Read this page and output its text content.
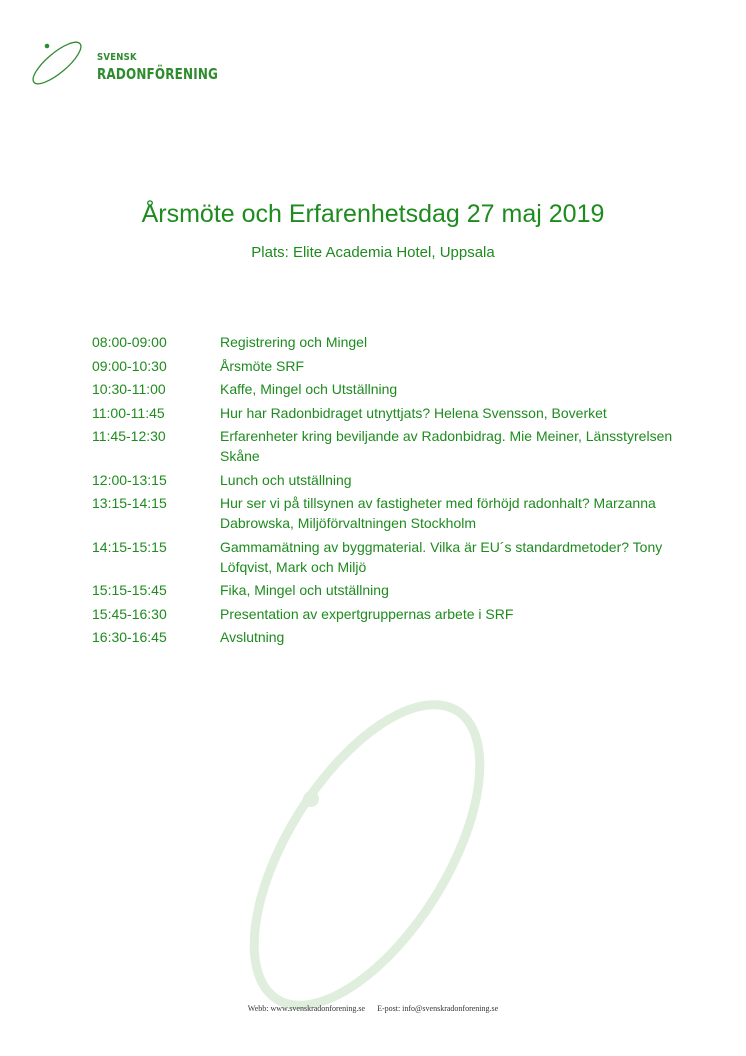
SVENSK
RADONFÖRENING
Årsmöte och Erfarenhetsdag 27 maj 2019
Plats: Elite Academia Hotel, Uppsala
08:00-09:00	Registrering och Mingel
09:00-10:30	Årsmöte SRF
10:30-11:00	Kaffe, Mingel och Utställning
11:00-11:45	Hur har Radonbidraget utnyttjats? Helena Svensson, Boverket
11:45-12:30	Erfarenheter kring beviljande av Radonbidrag. Mie Meiner, Länsstyrelsen Skåne
12:00-13:15	Lunch och utställning
13:15-14:15	Hur ser vi på tillsynen av fastigheter med förhöjd radonhalt? Marzanna Dabrowska, Miljöförvaltningen Stockholm
14:15-15:15	Gammamätning av byggmaterial. Vilka är EU´s standardmetoder? Tony Löfqvist, Mark och Miljö
15:15-15:45	Fika, Mingel och utställning
15:45-16:30	Presentation av expertgruppernas arbete i SRF
16:30-16:45	Avslutning
Webb: www.svenskradonforening.se E-post: info@svenskradonforening.se
